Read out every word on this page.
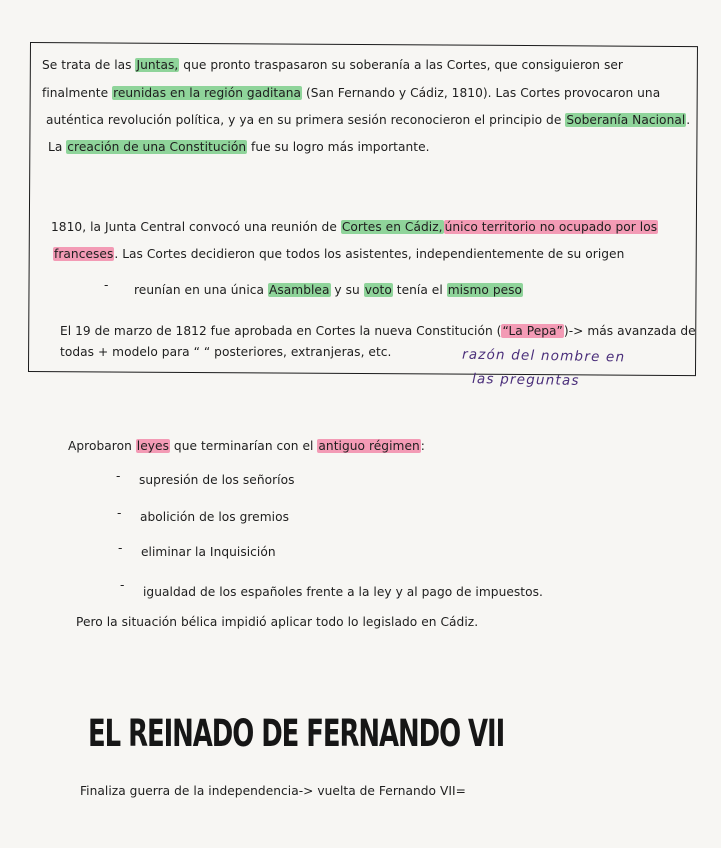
Se trata de las Juntas, que pronto traspasaron su soberanía a las Cortes, que consiguieron ser
finalmente reunidas en la región gaditana (San Fernando y Cádiz, 1810). Las Cortes provocaron una
auténtica revolución política, y ya en su primera sesión reconocieron el principio de Soberanía Nacional.
La creación de una Constitución fue su logro más importante.
1810, la Junta Central convocó una reunión de Cortes en Cádiz, único territorio no ocupado por los
franceses. Las Cortes decidieron que todos los asistentes, independientemente de su origen
- reunían en una única Asamblea y su voto tenía el mismo peso
El 19 de marzo de 1812 fue aprobada en Cortes la nueva Constitución (“La Pepa”)-> más avanzada de
todas + modelo para “ “ posteriores, extranjeras, etc.	razón del nombre en
las preguntas
Aprobaron leyes que terminarían con el antiguo régimen:
- supresión de los señoríos
- abolición de los gremios
- eliminar la Inquisición
- igualdad de los españoles frente a la ley y al pago de impuestos.
Pero la situación bélica impidió aplicar todo lo legislado en Cádiz.
EL REINADO DE FERNANDO VII
Finaliza guerra de la independencia-> vuelta de Fernando VII=
